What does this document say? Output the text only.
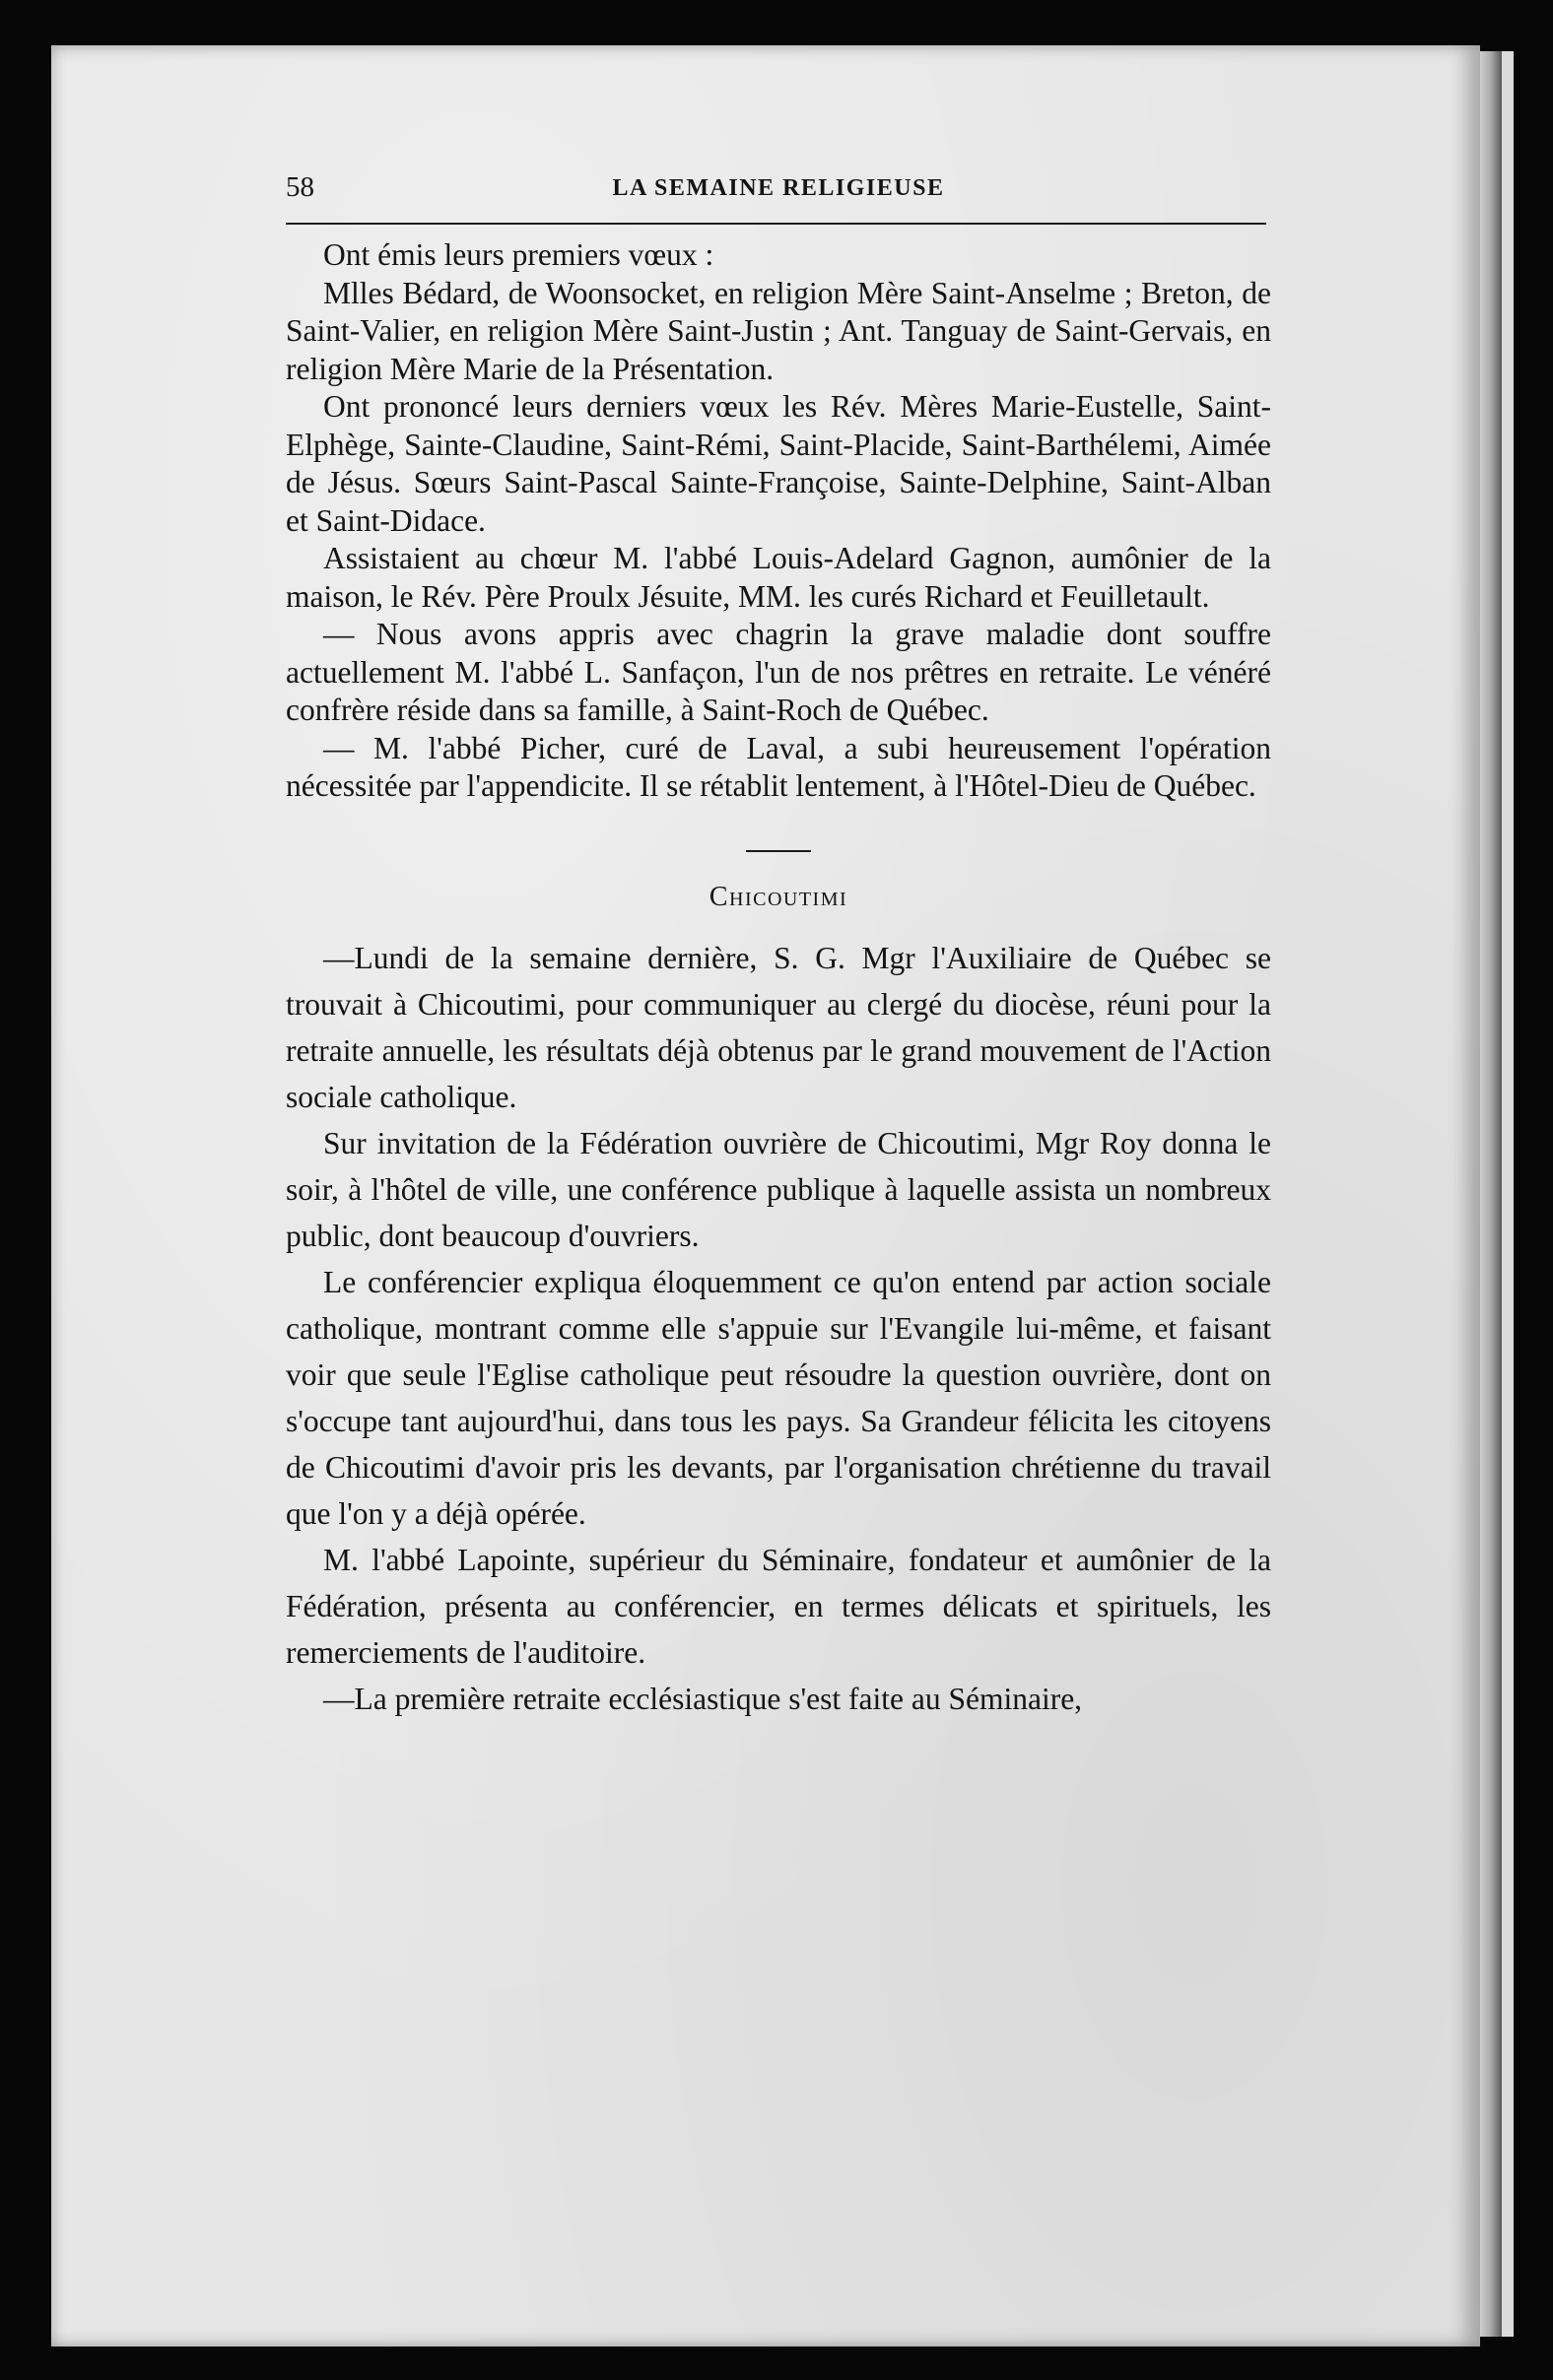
58	LA SEMAINE RELIGIEUSE

Ont émis leurs premiers vœux :

Mlles Bédard, de Woonsocket, en religion Mère Saint-Anselme ; Breton, de Saint-Valier, en religion Mère Saint-Justin ; Ant. Tanguay de Saint-Gervais, en religion Mère Marie de la Présentation.

Ont prononcé leurs derniers vœux les Rév. Mères Marie-Eustelle, Saint-Elphège, Sainte-Claudine, Saint-Rémi, Saint-Placide, Saint-Barthélemi, Aimée de Jésus. Sœurs Saint-Pascal Sainte-Françoise, Sainte-Delphine, Saint-Alban et Saint-Didace.

Assistaient au chœur M. l'abbé Louis-Adelard Gagnon, aumônier de la maison, le Rév. Père Proulx Jésuite, MM. les curés Richard et Feuilletault.

— Nous avons appris avec chagrin la grave maladie dont souffre actuellement M. l'abbé L. Sanfaçon, l'un de nos prêtres en retraite. Le vénéré confrère réside dans sa famille, à Saint-Roch de Québec.

— M. l'abbé Picher, curé de Laval, a subi heureusement l'opération nécessitée par l'appendicite. Il se rétablit lentement, à l'Hôtel-Dieu de Québec.

Chicoutimi

—Lundi de la semaine dernière, S. G. Mgr l'Auxiliaire de Québec se trouvait à Chicoutimi, pour communiquer au clergé du diocèse, réuni pour la retraite annuelle, les résultats déjà obtenus par le grand mouvement de l'Action sociale catholique.

Sur invitation de la Fédération ouvrière de Chicoutimi, Mgr Roy donna le soir, à l'hôtel de ville, une conférence publique à laquelle assista un nombreux public, dont beaucoup d'ouvriers.

Le conférencier expliqua éloquemment ce qu'on entend par action sociale catholique, montrant comme elle s'appuie sur l'Evangile lui-même, et faisant voir que seule l'Eglise catholique peut résoudre la question ouvrière, dont on s'occupe tant aujourd'hui, dans tous les pays. Sa Grandeur félicita les citoyens de Chicoutimi d'avoir pris les devants, par l'organisation chrétienne du travail que l'on y a déjà opérée.

M. l'abbé Lapointe, supérieur du Séminaire, fondateur et aumônier de la Fédération, présenta au conférencier, en termes délicats et spirituels, les remerciements de l'auditoire.

—La première retraite ecclésiastique s'est faite au Séminaire,
